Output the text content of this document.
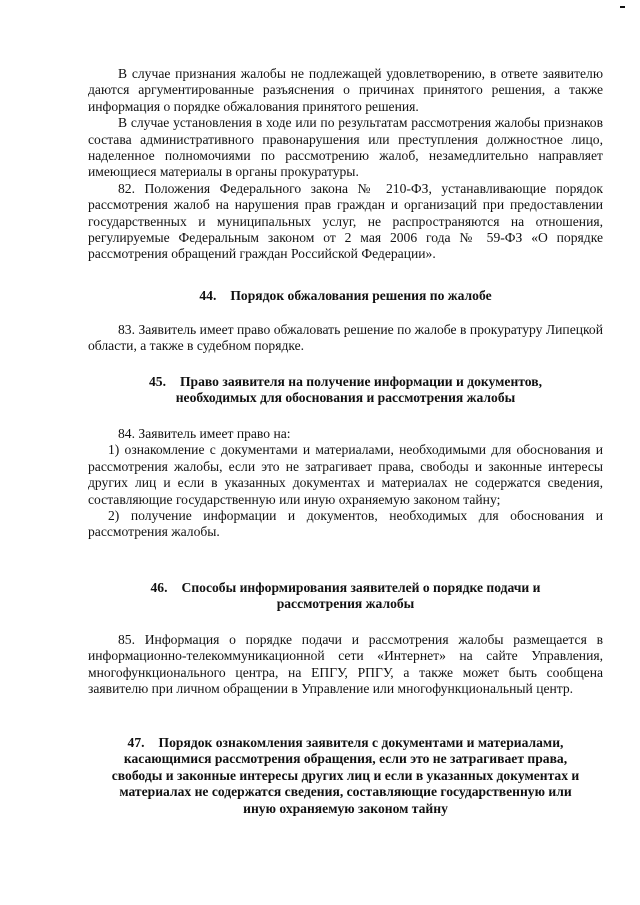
В случае признания жалобы не подлежащей удовлетворению, в ответе заявителю даются аргументированные разъяснения о причинах принятого решения, а также информация о порядке обжалования принятого решения.

В случае установления в ходе или по результатам рассмотрения жалобы признаков состава административного правонарушения или преступления должностное лицо, наделенное полномочиями по рассмотрению жалоб, незамедлительно направляет имеющиеся материалы в органы прокуратуры.

82. Положения Федерального закона № 210-ФЗ, устанавливающие порядок рассмотрения жалоб на нарушения прав граждан и организаций при предоставлении государственных и муниципальных услуг, не распространяются на отношения, регулируемые Федеральным законом от 2 мая 2006 года № 59-ФЗ «О порядке рассмотрения обращений граждан Российской Федерации».

44. Порядок обжалования решения по жалобе

83. Заявитель имеет право обжаловать решение по жалобе в прокуратуру Липецкой области, а также в судебном порядке.

45. Право заявителя на получение информации и документов,
необходимых для обоснования и рассмотрения жалобы

84. Заявитель имеет право на:

1) ознакомление с документами и материалами, необходимыми для обоснования и рассмотрения жалобы, если это не затрагивает права, свободы и законные интересы других лиц и если в указанных документах и материалах не содержатся сведения, составляющие государственную или иную охраняемую законом тайну;

2) получение информации и документов, необходимых для обоснования и рассмотрения жалобы.

46. Способы информирования заявителей о порядке подачи и
рассмотрения жалобы

85. Информация о порядке подачи и рассмотрения жалобы размещается в информационно-телекоммуникационной сети «Интернет» на сайте Управления, многофункционального центра, на ЕПГУ, РПГУ, а также может быть сообщена заявителю при личном обращении в Управление или многофункциональный центр.

47. Порядок ознакомления заявителя с документами и материалами,
касающимися рассмотрения обращения, если это не затрагивает права,
свободы и законные интересы других лиц и если в указанных документах и
материалах не содержатся сведения, составляющие государственную или
иную охраняемую законом тайну
